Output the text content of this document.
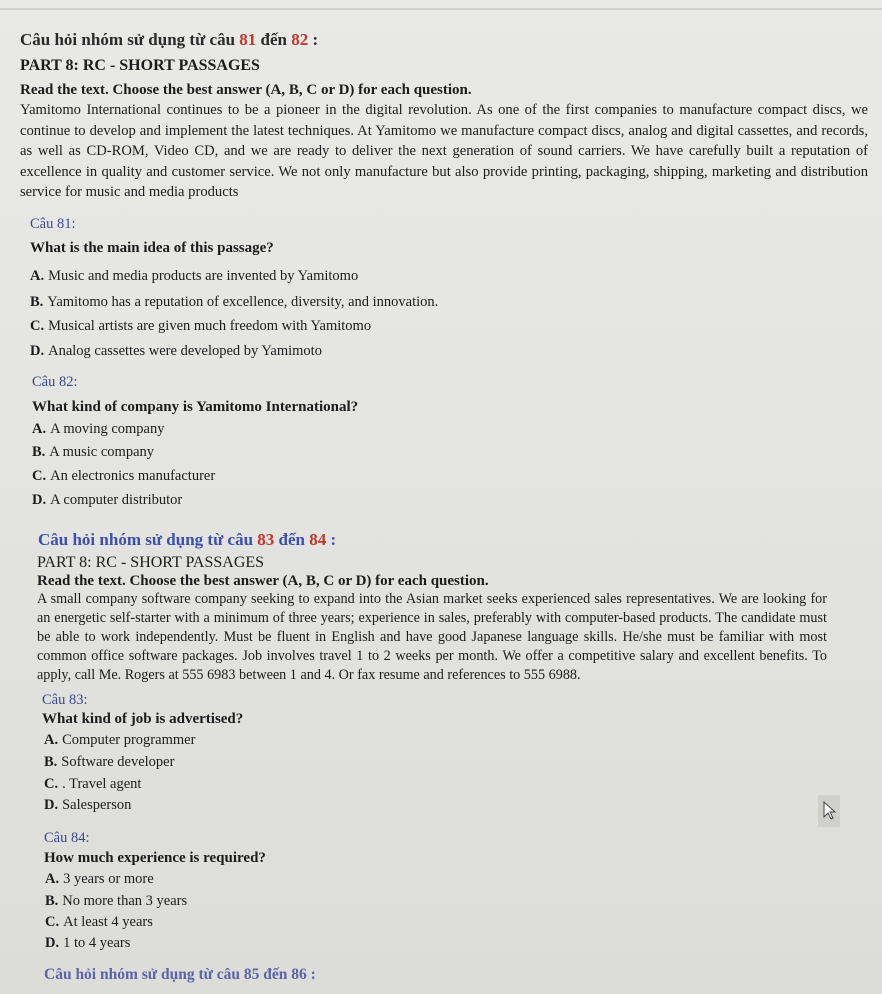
Câu hỏi nhóm sử dụng từ câu 81 đến 82 :
PART 8: RC - SHORT PASSAGES
Read the text. Choose the best answer (A, B, C or D) for each question.
Yamitomo International continues to be a pioneer in the digital revolution. As one of the first companies to manufacture compact discs, we continue to develop and implement the latest techniques. At Yamitomo we manufacture compact discs, analog and digital cassettes, and records, as well as CD-ROM, Video CD, and we are ready to deliver the next generation of sound carriers. We have carefully built a reputation of excellence in quality and customer service. We not only manufacture but also provide printing, packaging, shipping, marketing and distribution service for music and media products
Câu 81:
What is the main idea of this passage?
A. Music and media products are invented by Yamitomo
B. Yamitomo has a reputation of excellence, diversity, and innovation.
C. Musical artists are given much freedom with Yamitomo
D. Analog cassettes were developed by Yamimoto
Câu 82:
What kind of company is Yamitomo International?
A. A moving company
B. A music company
C. An electronics manufacturer
D. A computer distributor
Câu hỏi nhóm sử dụng từ câu 83 đến 84 :
PART 8: RC - SHORT PASSAGES
Read the text. Choose the best answer (A, B, C or D) for each question.
A small company software company seeking to expand into the Asian market seeks experienced sales representatives. We are looking for an energetic self-starter with a minimum of three years; experience in sales, preferably with computer-based products. The candidate must be able to work independently. Must be fluent in English and have good Japanese language skills. He/she must be familiar with most common office software packages. Job involves travel 1 to 2 weeks per month. We offer a competitive salary and excellent benefits. To apply, call Me. Rogers at 555 6983 between 1 and 4. Or fax resume and references to 555 6988.
Câu 83:
What kind of job is advertised?
A. Computer programmer
B. Software developer
C. . Travel agent
D. Salesperson
Câu 84:
How much experience is required?
A. 3 years or more
B. No more than 3 years
C. At least 4 years
D. 1 to 4 years
Câu hỏi nhóm sử dụng từ câu 85 đến 86 :
